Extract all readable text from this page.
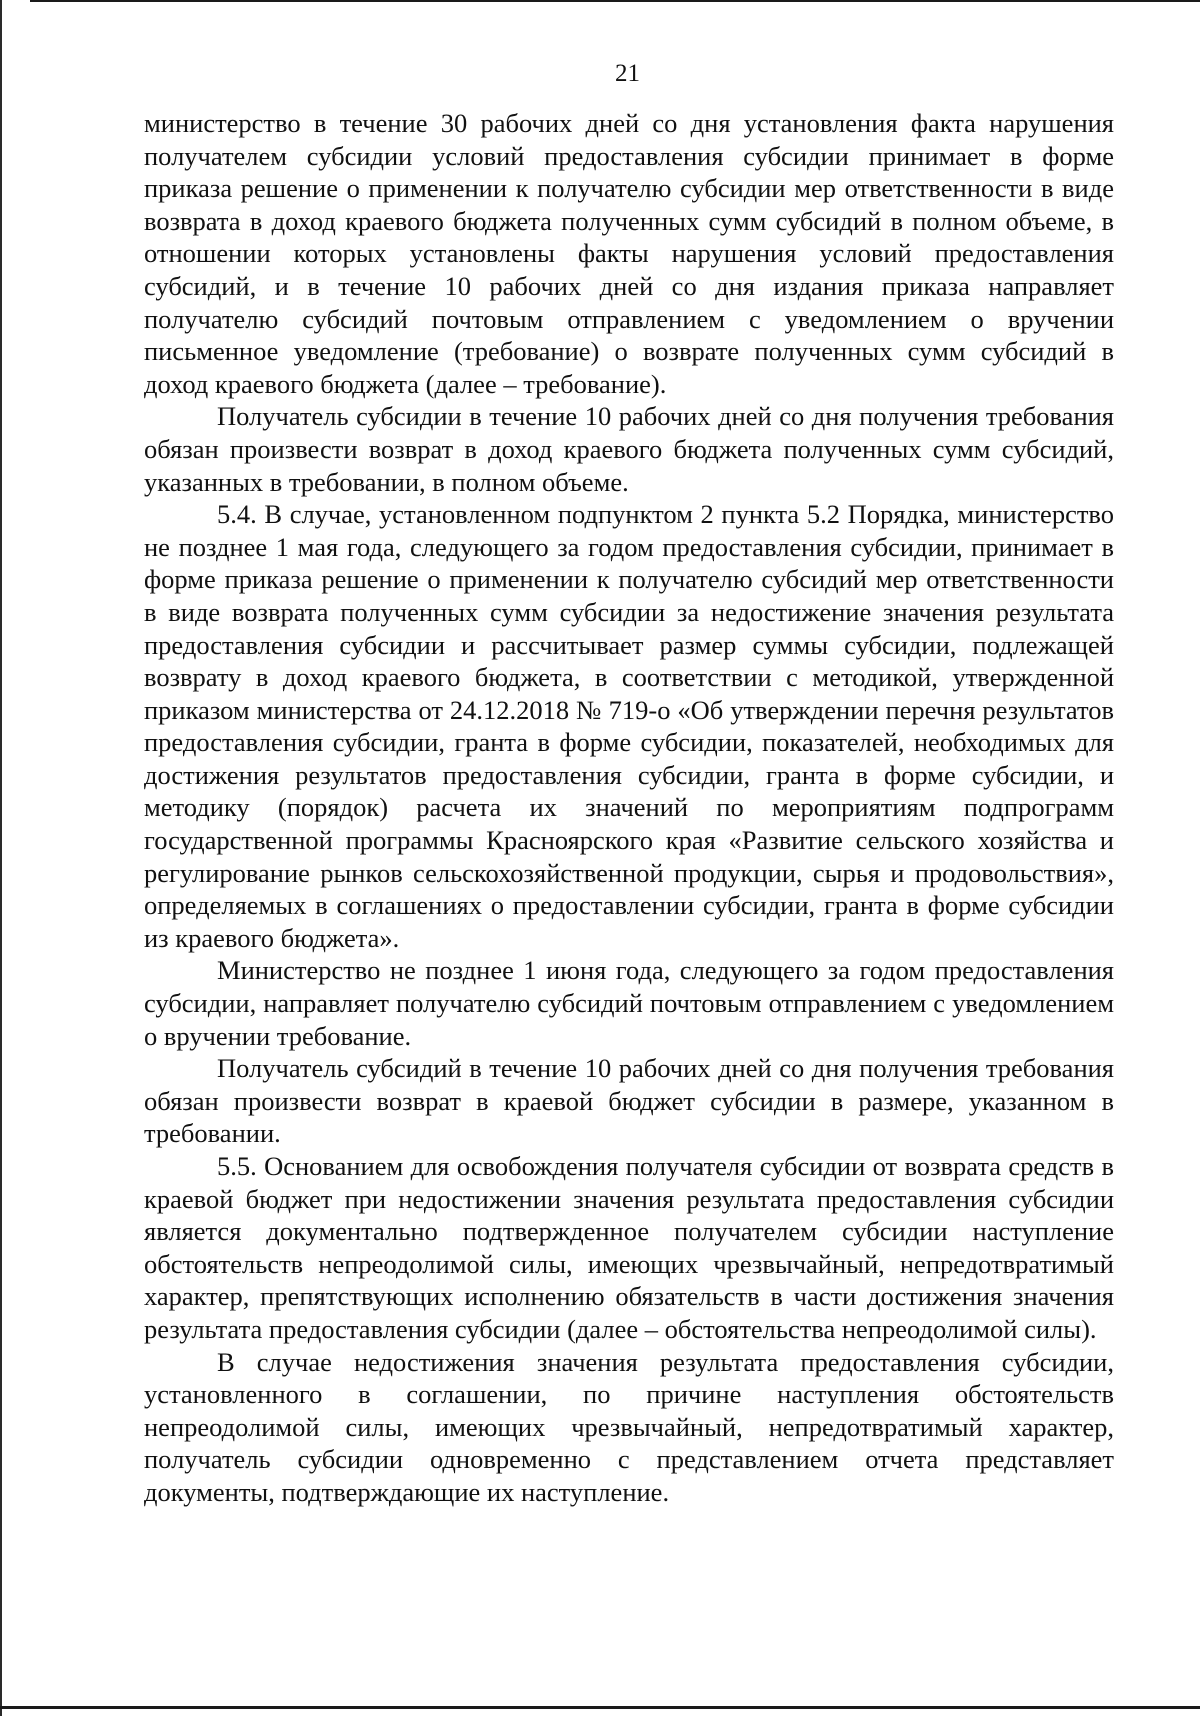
21

министерство в течение 30 рабочих дней со дня установления факта нарушения получателем субсидии условий предоставления субсидии принимает в форме приказа решение о применении к получателю субсидии мер ответственности в виде возврата в доход краевого бюджета полученных сумм субсидий в полном объеме, в отношении которых установлены факты нарушения условий предоставления субсидий, и в течение 10 рабочих дней со дня издания приказа направляет получателю субсидий почтовым отправлением с уведомлением о вручении письменное уведомление (требование) о возврате полученных сумм субсидий в доход краевого бюджета (далее – требование).

Получатель субсидии в течение 10 рабочих дней со дня получения требования обязан произвести возврат в доход краевого бюджета полученных сумм субсидий, указанных в требовании, в полном объеме.

5.4. В случае, установленном подпунктом 2 пункта 5.2 Порядка, министерство не позднее 1 мая года, следующего за годом предоставления субсидии, принимает в форме приказа решение о применении к получателю субсидий мер ответственности в виде возврата полученных сумм субсидии за недостижение значения результата предоставления субсидии и рассчитывает размер суммы субсидии, подлежащей возврату в доход краевого бюджета, в соответствии с методикой, утвержденной приказом министерства от 24.12.2018 № 719-о «Об утверждении перечня результатов предоставления субсидии, гранта в форме субсидии, показателей, необходимых для достижения результатов предоставления субсидии, гранта в форме субсидии, и методику (порядок) расчета их значений по мероприятиям подпрограмм государственной программы Красноярского края «Развитие сельского хозяйства и регулирование рынков сельскохозяйственной продукции, сырья и продовольствия», определяемых в соглашениях о предоставлении субсидии, гранта в форме субсидии из краевого бюджета».

Министерство не позднее 1 июня года, следующего за годом предоставления субсидии, направляет получателю субсидий почтовым отправлением с уведомлением о вручении требование.

Получатель субсидий в течение 10 рабочих дней со дня получения требования обязан произвести возврат в краевой бюджет субсидии в размере, указанном в требовании.

5.5. Основанием для освобождения получателя субсидии от возврата средств в краевой бюджет при недостижении значения результата предоставления субсидии является документально подтвержденное получателем субсидии наступление обстоятельств непреодолимой силы, имеющих чрезвычайный, непредотвратимый характер, препятствующих исполнению обязательств в части достижения значения результата предоставления субсидии (далее – обстоятельства непреодолимой силы).

В случае недостижения значения результата предоставления субсидии, установленного в соглашении, по причине наступления обстоятельств непреодолимой силы, имеющих чрезвычайный, непредотвратимый характер, получатель субсидии одновременно с представлением отчета представляет документы, подтверждающие их наступление.
